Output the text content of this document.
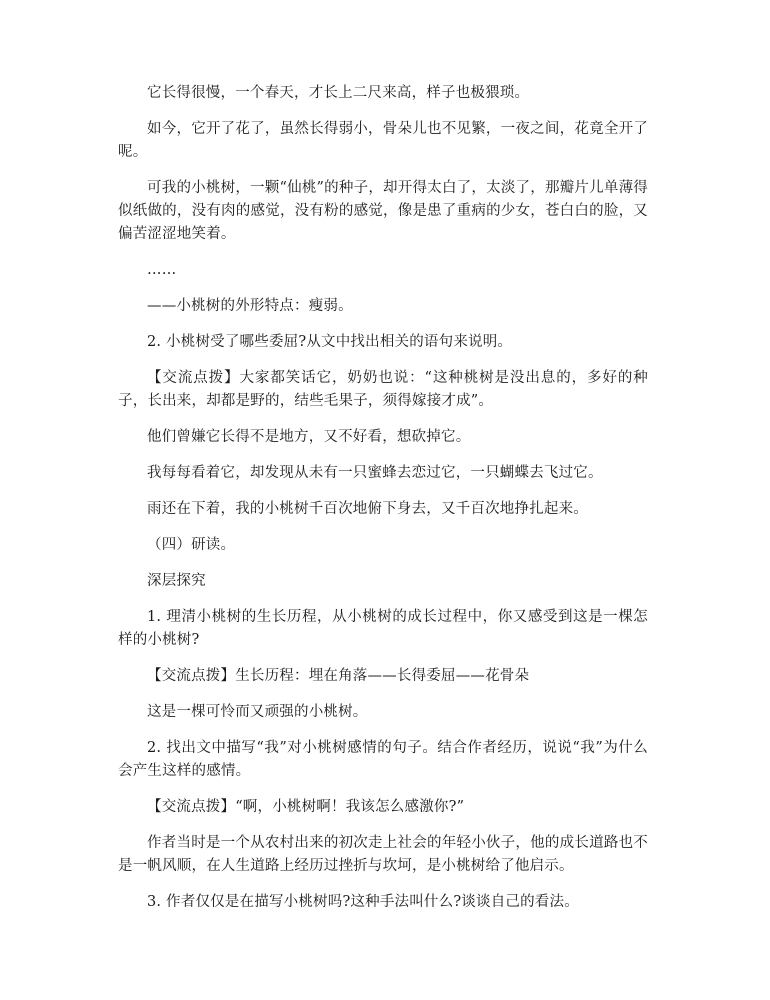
它长得很慢，一个春天，才长上二尺来高，样子也极猥琐。

如今，它开了花了，虽然长得弱小，骨朵儿也不见繁，一夜之间，花竟全开了呢。

可我的小桃树，一颗“仙桃”的种子，却开得太白了，太淡了，那瓣片儿单薄得似纸做的，没有肉的感觉，没有粉的感觉，像是患了重病的少女，苍白白的脸，又偏苦涩涩地笑着。

……

——小桃树的外形特点：瘦弱。

2. 小桃树受了哪些委屈?从文中找出相关的语句来说明。

【交流点拨】大家都笑话它，奶奶也说：“这种桃树是没出息的，多好的种子，长出来，却都是野的，结些毛果子，须得嫁接才成”。

他们曾嫌它长得不是地方，又不好看，想砍掉它。

我每每看着它，却发现从未有一只蜜蜂去恋过它，一只蝴蝶去飞过它。

雨还在下着，我的小桃树千百次地俯下身去，又千百次地挣扎起来。

（四）研读。

深层探究

1. 理清小桃树的生长历程，从小桃树的成长过程中，你又感受到这是一棵怎样的小桃树?

【交流点拨】生长历程：埋在角落——长得委屈——花骨朵

这是一棵可怜而又顽强的小桃树。

2. 找出文中描写“我”对小桃树感情的句子。结合作者经历，说说“我”为什么会产生这样的感情。

【交流点拨】“啊，小桃树啊！我该怎么感激你?”

作者当时是一个从农村出来的初次走上社会的年轻小伙子，他的成长道路也不是一帆风顺，在人生道路上经历过挫折与坎坷，是小桃树给了他启示。

3. 作者仅仅是在描写小桃树吗?这种手法叫什么?谈谈自己的看法。
